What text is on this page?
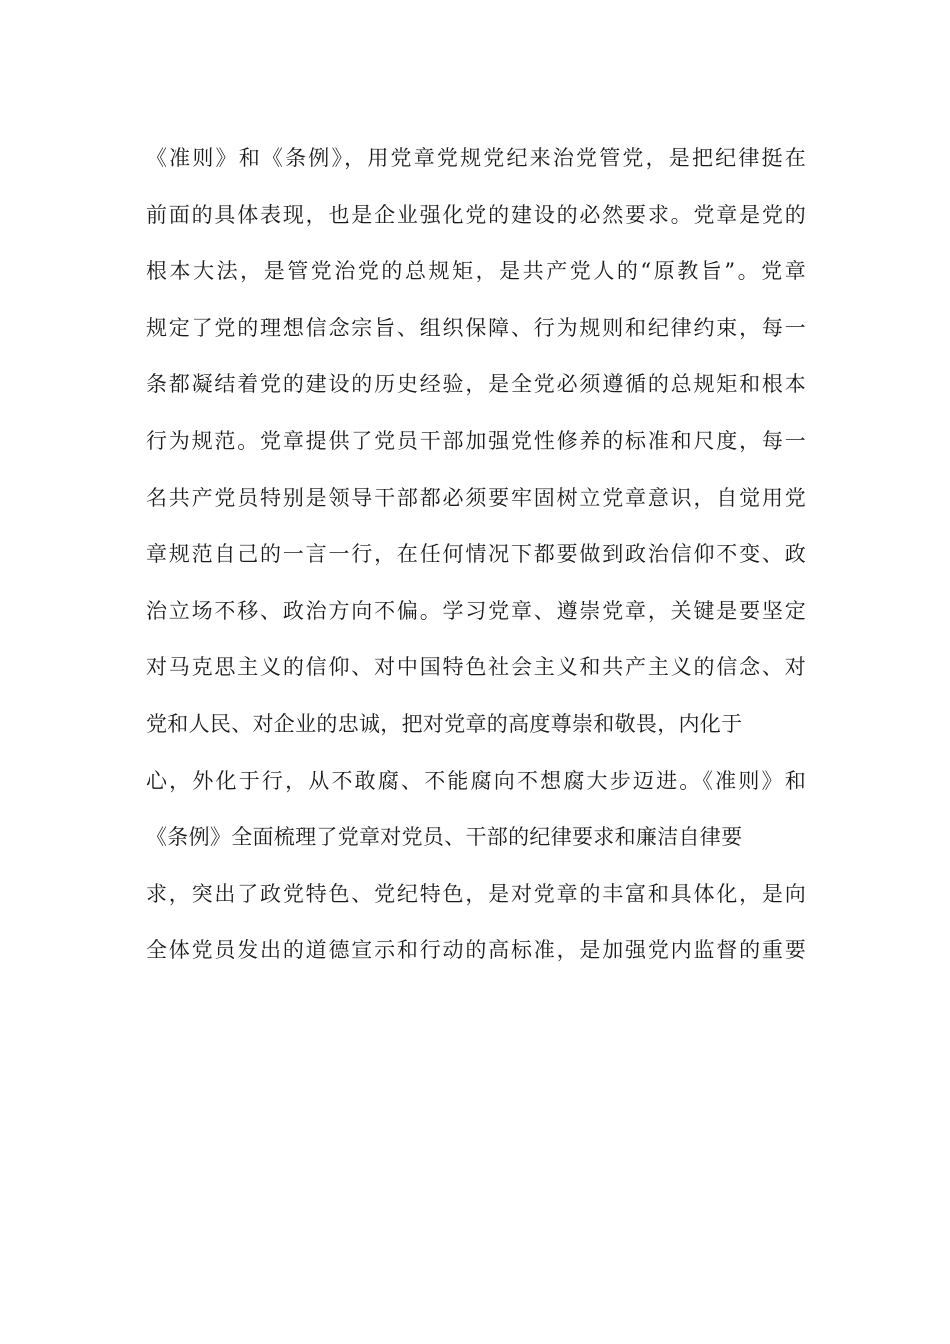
《准则》和《条例》，用党章党规党纪来治党管党，是把纪律挺在
前面的具体表现，也是企业强化党的建设的必然要求。党章是党的
根本大法，是管党治党的总规矩，是共产党人的“原教旨”。党章
规定了党的理想信念宗旨、组织保障、行为规则和纪律约束，每一
条都凝结着党的建设的历史经验，是全党必须遵循的总规矩和根本
行为规范。党章提供了党员干部加强党性修养的标准和尺度，每一
名共产党员特别是领导干部都必须要牢固树立党章意识，自觉用党
章规范自己的一言一行，在任何情况下都要做到政治信仰不变、政
治立场不移、政治方向不偏。学习党章、遵崇党章，关键是要坚定
对马克思主义的信仰、对中国特色社会主义和共产主义的信念、对
党和人民、对企业的忠诚，把对党章的高度尊崇和敬畏，内化于
心，外化于行，从不敢腐、不能腐向不想腐大步迈进。《准则》和
《条例》全面梳理了党章对党员、干部的纪律要求和廉洁自律要
求，突出了政党特色、党纪特色，是对党章的丰富和具体化，是向
全体党员发出的道德宣示和行动的高标准，是加强党内监督的重要
